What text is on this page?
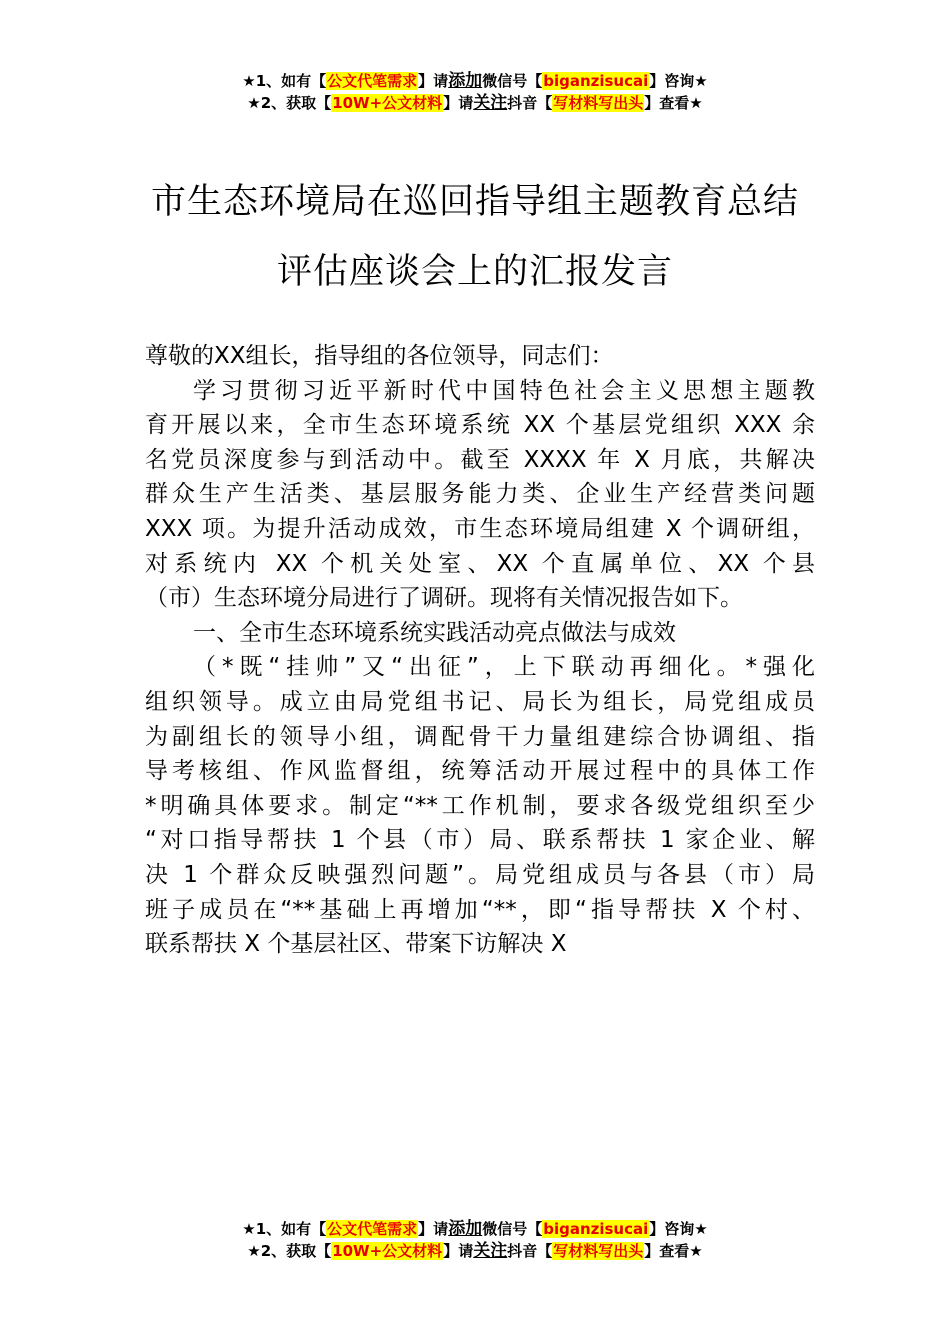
★1、如有【公文代笔需求】请添加微信号【biganzisucai】咨询★
★2、获取【10W+公文材料】请关注抖音【写材料写出头】查看★
市生态环境局在巡回指导组主题教育总结
评估座谈会上的汇报发言
尊敬的XX组长，指导组的各位领导，同志们：
学习贯彻习近平新时代中国特色社会主义思想主题教
育开展以来，全市生态环境系统 XX 个基层党组织 XXX 余
名党员深度参与到活动中。截至 XXXX 年 X 月底，共解决
群众生产生活类、基层服务能力类、企业生产经营类问题
XXX 项。为提升活动成效，市生态环境局组建 X 个调研组，
对系统内 XX 个机关处室、XX 个直属单位、XX 个县
（市）生态环境分局进行了调研。现将有关情况报告如下。
一、全市生态环境系统实践活动亮点做法与成效
（*既“挂帅”又“出征”，上下联动再细化。*强化
组织领导。成立由局党组书记、局长为组长，局党组成员
为副组长的领导小组，调配骨干力量组建综合协调组、指
导考核组、作风监督组，统筹活动开展过程中的具体工作
*明确具体要求。制定“**工作机制，要求各级党组织至少
“对口指导帮扶 1 个县（市）局、联系帮扶 1 家企业、解
决 1 个群众反映强烈问题”。局党组成员与各县（市）局
班子成员在“**基础上再增加“**，即“指导帮扶 X 个村、
联系帮扶 X 个基层社区、带案下访解决 X
★1、如有【公文代笔需求】请添加微信号【biganzisucai】咨询★
★2、获取【10W+公文材料】请关注抖音【写材料写出头】查看★
